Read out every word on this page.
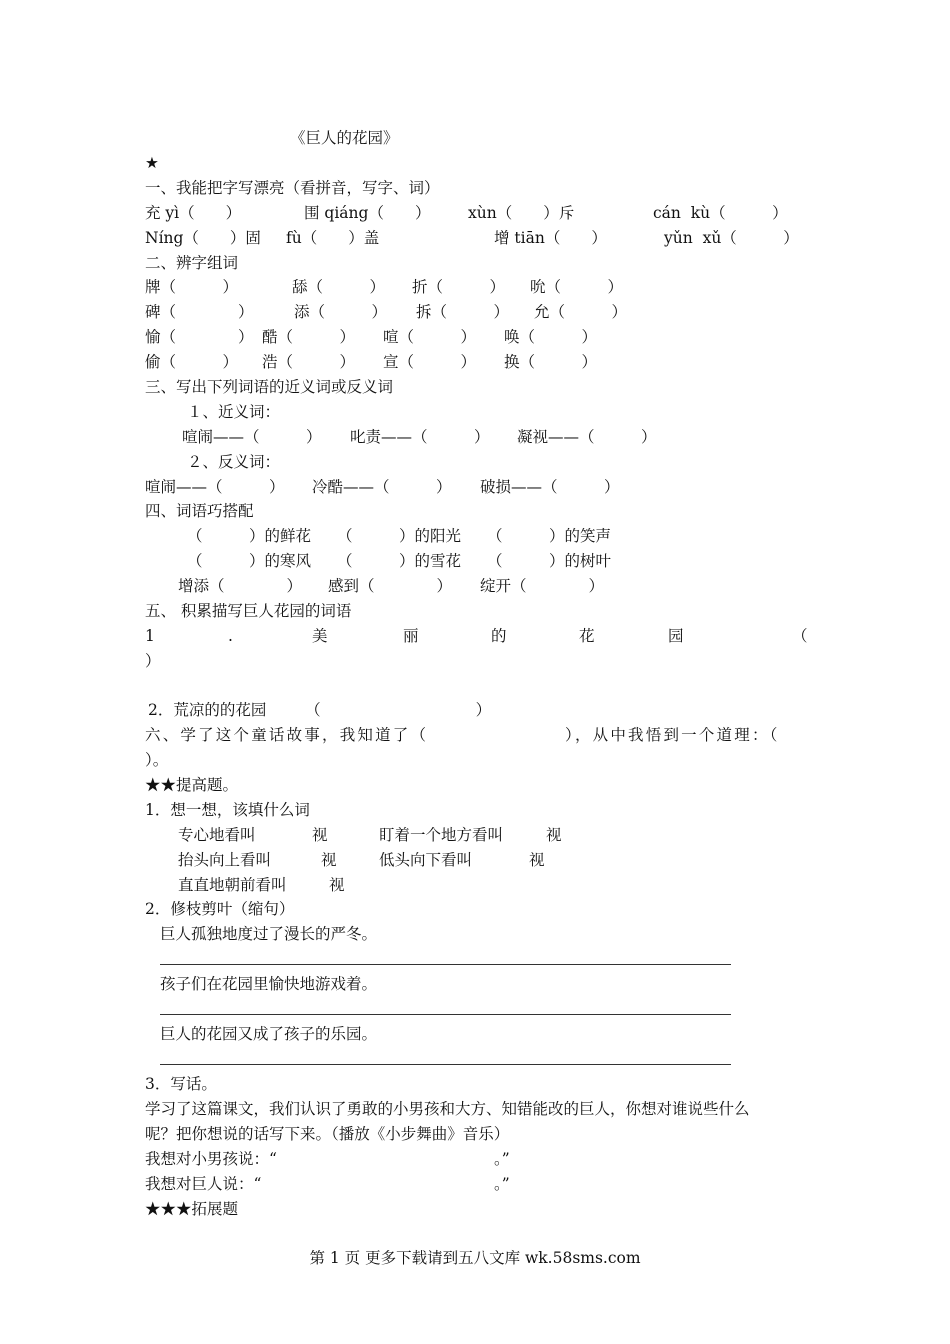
《巨人的花园》
★
一、我能把字写漂亮（看拼音，写字、词）
充 yì（　　）	围 qiáng（　　） xùn（　　）斥	cán  kù（　　　）
Níng（　　）固 fù（　　）盖	增 tiān（　　）	yǔn  xǔ（　　　）
二、辨字组词
牌（　　　）	舔（　　　） 折（　　　） 吮（　　　）
碑（　　　　）	添（　　　） 拆（　　　） 允（　　　）
愉（　　　　） 酷（　　　） 喧（　　　） 唤（　　　）
偷（　　　） 浩（　　　） 宣（　　　） 换（　　　）
三、写出下列词语的近义词或反义词
１、近义词：
喧闹——（　　　） 叱责——（　　　） 凝视——（　　　）
２、反义词：
喧闹——（　　　） 冷酷——（　　　） 破损——（　　　）
四、词语巧搭配
（　　　）的鲜花 （　　　）的阳光 （　　　）的笑声
（　　　）的寒风 （　　　）的雪花 （　　　）的树叶
增添（　　　　） 感到（　　　　） 绽开（　　　　）
五、 积累描写巨人花园的词语
1	.	美	丽	的	花	园	（
）
2．荒凉的的花园　　　（　　　　　　　　　　）
六、学了这个童话故事，我知道了（	），从中我悟到一个道理：（
）。
★★提高题。
1．想一想，该填什么词
专心地看叫	视	盯着一个地方看叫	视
抬头向上看叫	视	低头向下看叫	视
直直地朝前看叫	视
2．修枝剪叶（缩句）
巨人孤独地度过了漫长的严冬。
孩子们在花园里愉快地游戏着。
巨人的花园又成了孩子的乐园。
3．写话。
学习了这篇课文，我们认识了勇敢的小男孩和大方、知错能改的巨人，你想对谁说些什么
呢？把你想说的话写下来。（播放《小步舞曲》音乐）
我想对小男孩说：“	。”
我想对巨人说：“	。”
★★★拓展题
第 1 页 更多下载请到五八文库 wk.58sms.com
